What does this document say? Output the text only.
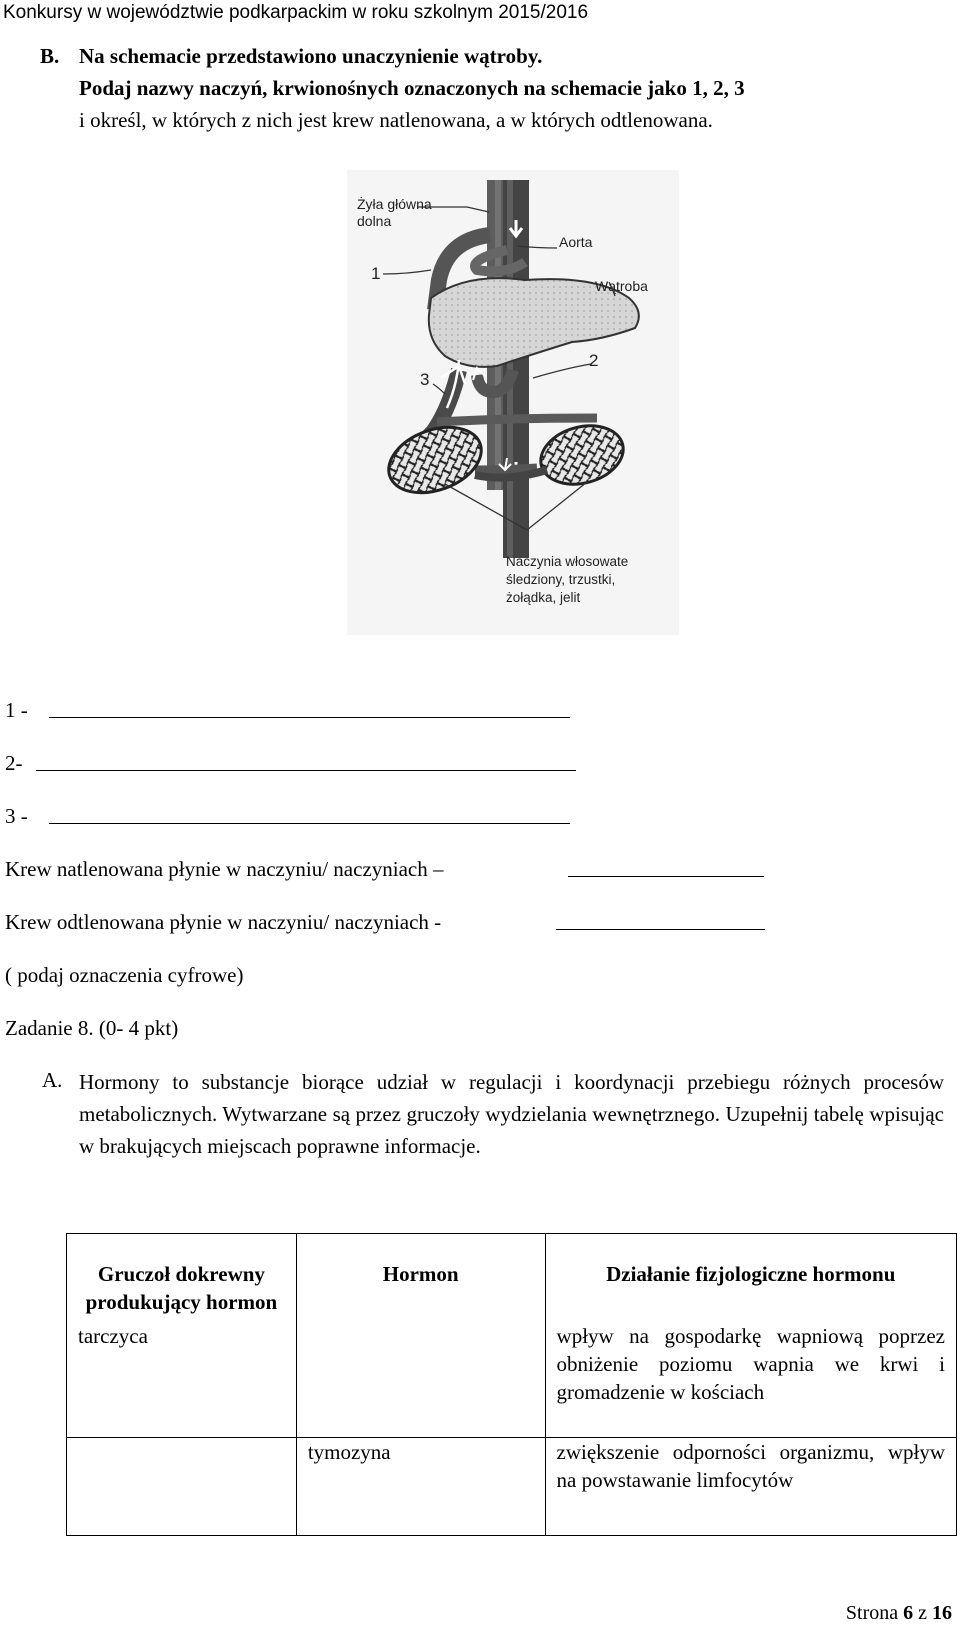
Konkursy w województwie podkarpackim w roku szkolnym 2015/2016
B. Na schemacie przedstawiono unaczynienie wątroby.
Podaj nazwy naczyń, krwionośnych oznaczonych na schemacie jako 1, 2, 3
i określ, w których z nich jest krew natlenowana, a w których odtlenowana.
Żyła główna
dolna
Aorta
Wątroba
1
2
3
Naczynia włosowate
śledziony, trzustki,
żołądka, jelit
1 -
2-
3 -
Krew natlenowana płynie w naczyniu/ naczyniach –
Krew odtlenowana płynie w naczyniu/ naczyniach -
( podaj oznaczenia cyfrowe)
Zadanie 8. (0- 4 pkt)
A. Hormony to substancje biorące udział w regulacji i koordynacji przebiegu różnych procesów metabolicznych. Wytwarzane są przez gruczoły wydzielania wewnętrznego. Uzupełnij tabelę wpisując w brakujących miejscach poprawne informacje.
Gruczoł dokrewny produkujący hormon	Hormon	Działanie fizjologiczne hormonu
tarczyca		wpływ na gospodarkę wapniową poprzez obniżenie poziomu wapnia we krwi i gromadzenie w kościach
	tymozyna	zwiększenie odporności organizmu, wpływ na powstawanie limfocytów
Strona 6 z 16
